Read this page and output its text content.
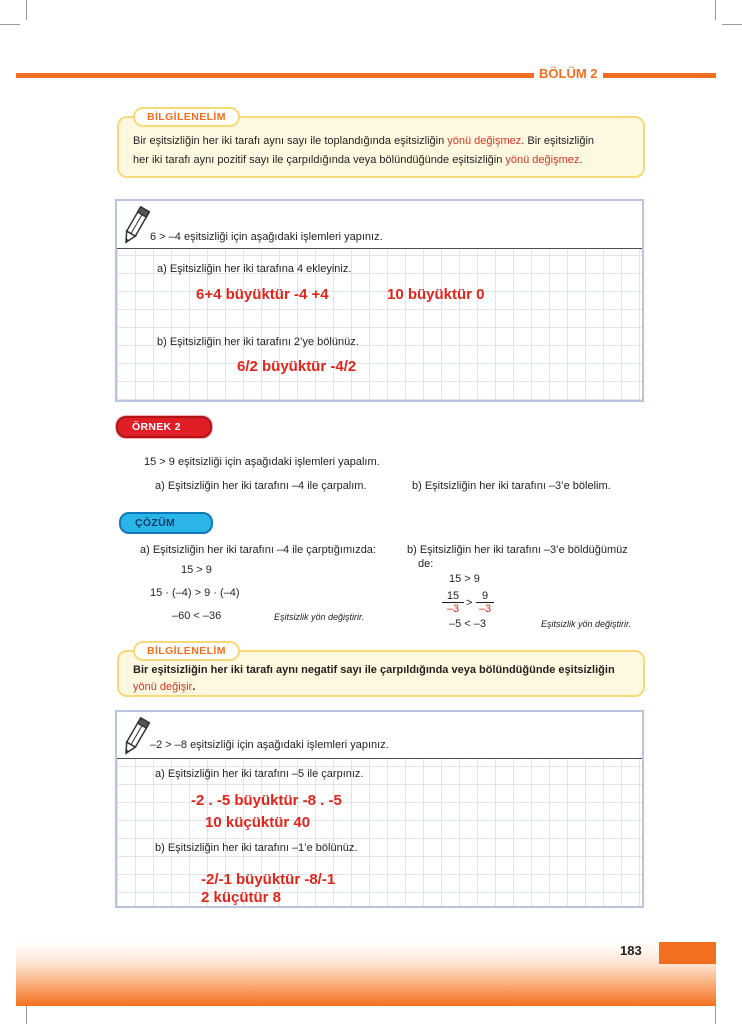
BÖLÜM 2
BİLGİLENELİM
Bir eşitsizliğin her iki tarafı aynı sayı ile toplandığında eşitsizliğin yönü değişmez. Bir eşitsizliğin
her iki tarafı aynı pozitif sayı ile çarpıldığında veya bölündüğünde eşitsizliğin yönü değişmez.
6 > –4 eşitsizliği için aşağıdaki işlemleri yapınız.
a) Eşitsizliğin her iki tarafına 4 ekleyiniz.
6+4 büyüktür -4 +4	10 büyüktür 0
b) Eşitsizliğin her iki tarafını 2’ye bölünüz.
6/2 büyüktür -4/2
ÖRNEK 2
15 > 9 eşitsizliği için aşağıdaki işlemleri yapalım.
a) Eşitsizliğin her iki tarafını –4 ile çarpalım.	b) Eşitsizliğin her iki tarafını –3’e bölelim.
ÇÖZÜM
a) Eşitsizliğin her iki tarafını –4 ile çarptığımızda:
15 > 9
15 · (–4) > 9 · (–4)
–60 < –36	Eşitsizlik yön değiştirir.
b) Eşitsizliğin her iki tarafını –3’e böldüğümüz
de:
15 > 9
$\frac{15}{-3} > \frac{9}{-3}$
–5 < –3	Eşitsizlik yön değiştirir.
BİLGİLENELİM
Bir eşitsizliğin her iki tarafı aynı negatif sayı ile çarpıldığında veya bölündüğünde eşitsizliğin
yönü değişir.
–2 > –8 eşitsizliği için aşağıdaki işlemleri yapınız.
a) Eşitsizliğin her iki tarafını –5 ile çarpınız.
-2 . -5 büyüktür -8 . -5
10 küçüktür 40
b) Eşitsizliğin her iki tarafını –1’e bölünüz.
-2/-1 büyüktür -8/-1
2 küçütür 8
183
